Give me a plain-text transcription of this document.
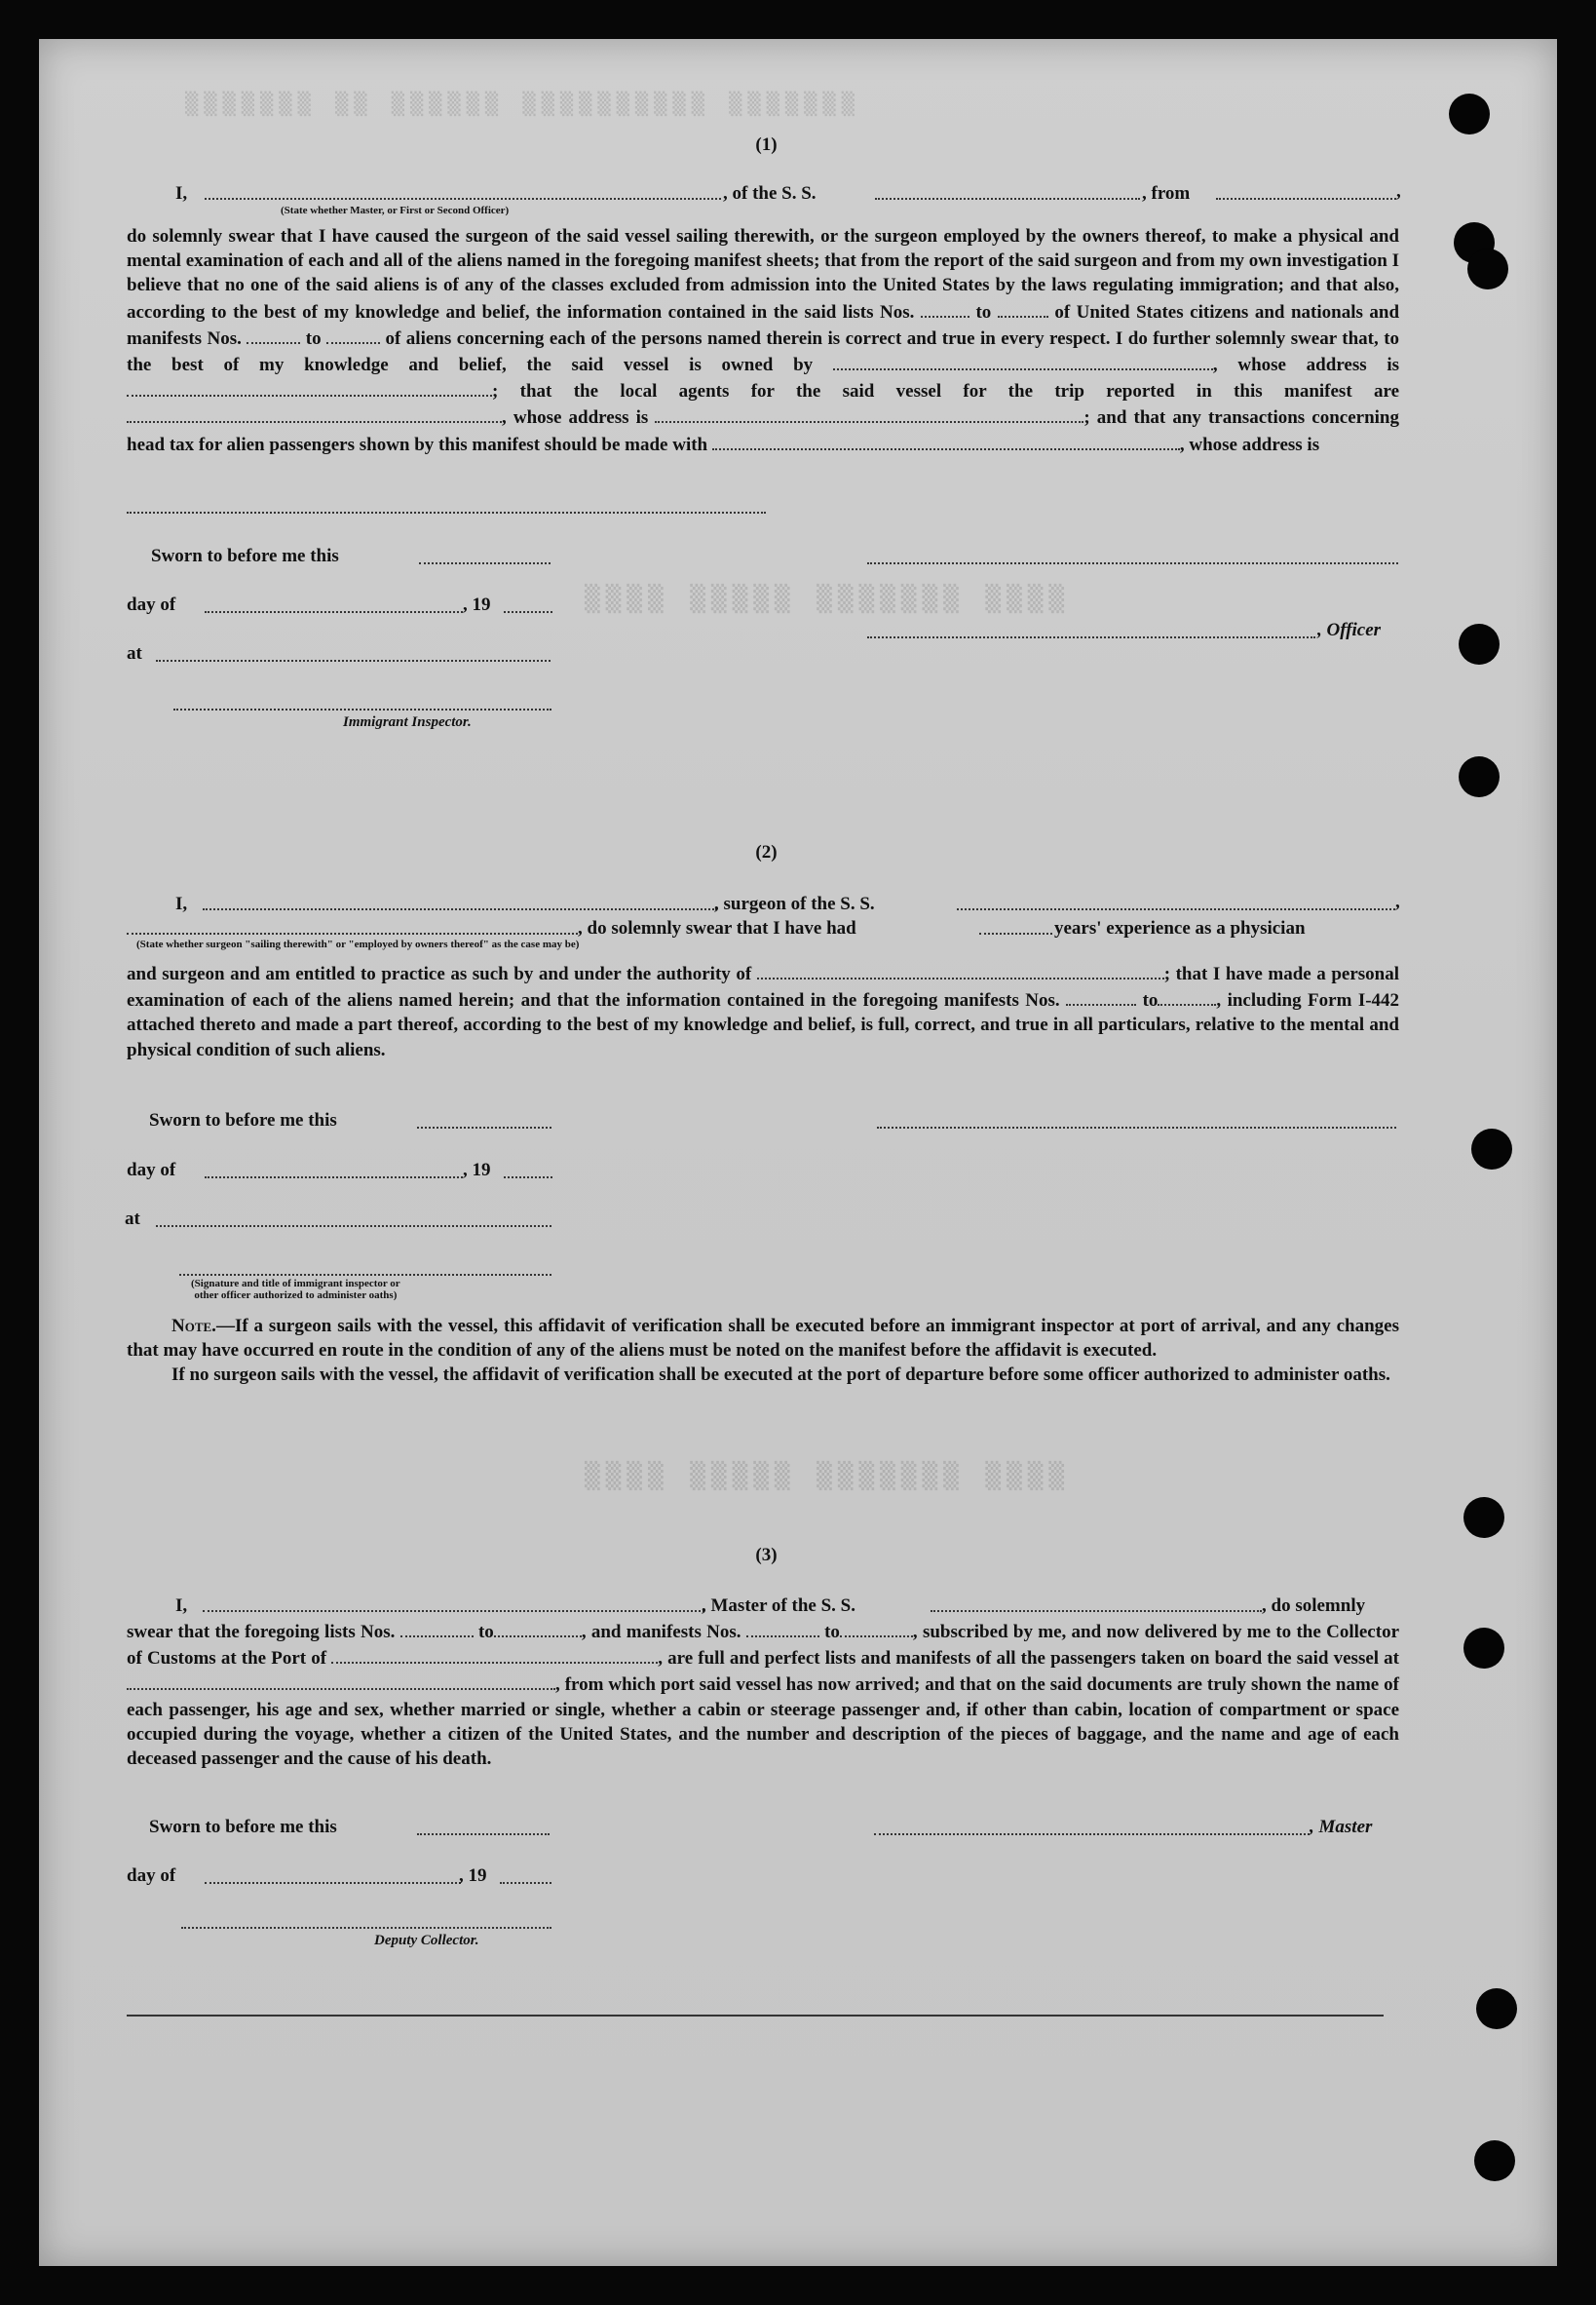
▒▒▒▒▒▒▒ ▒▒ ▒▒▒▒▒▒ ▒▒▒▒▒▒▒▒▒▒ ▒▒▒▒▒▒▒
▒▒▒▒ ▒▒▒▒▒ ▒▒▒▒▒▒▒ ▒▒▒▒
▒▒▒▒ ▒▒▒▒▒ ▒▒▒▒▒▒▒ ▒▒▒▒
(1)
I,	, of the S. S.	, from	,
(State whether Master, or First or Second Officer)
do solemnly swear that I have caused the surgeon of the said vessel sailing therewith, or the surgeon employed by the owners thereof, to make a physical and mental examination of each and all of the aliens named in the foregoing manifest sheets; that from the report of the said surgeon and from my own investigation I believe that no one of the said aliens is of any of the classes excluded from admission into the United States by the laws regulating immigration; and that also, according to the best of my knowledge and belief, the information contained in the said lists Nos.	to	of United States citizens and nationals and manifests Nos.	to	of aliens concerning each of the persons named therein is correct and true in every respect. I do further solemnly swear that, to the best of my knowledge and belief, the said vessel is owned by	, whose address is ; that the local agents for the said vessel for the trip reported in this manifest are , whose address is	; and that any transactions concerning head tax for alien passengers shown by this manifest should be made with	, whose address is
Sworn to before me this
day of	, 19
, Officer
at
Immigrant Inspector.
(2)
I,	, surgeon of the S. S.	,
, do solemnly swear that I have had	years' experience as a physician
(State whether surgeon "sailing therewith" or "employed by owners thereof" as the case may be)
and surgeon and am entitled to practice as such by and under the authority of	; that I have made a personal examination of each of the aliens named herein; and that the information contained in the foregoing manifests Nos.	to	, including Form I-442 attached thereto and made a part thereof, according to the best of my knowledge and belief, is full, correct, and true in all particulars, relative to the mental and physical condition of such aliens.
Sworn to before me this
day of	, 19
at
(Signature and title of immigrant inspector or
other officer authorized to administer oaths)
Note.—If a surgeon sails with the vessel, this affidavit of verification shall be executed before an immigrant inspector at port of arrival, and any changes that may have occurred en route in the condition of any of the aliens must be noted on the manifest before the affidavit is executed.
If no surgeon sails with the vessel, the affidavit of verification shall be executed at the port of departure before some officer authorized to administer oaths.
(3)
I,	, Master of the S. S.	, do solemnly
swear that the foregoing lists Nos.	to	, and manifests Nos.	to	, subscribed by me, and now delivered by me to the Collector of Customs at the Port of	, are full and perfect lists and manifests of all the passengers taken on board the said vessel at , from which port said vessel has now arrived; and that on the said documents are truly shown the name of each passenger, his age and sex, whether married or single, whether a cabin or steerage passenger and, if other than cabin, location of compartment or space occupied during the voyage, whether a citizen of the United States, and the number and description of the pieces of baggage, and the name and age of each deceased passenger and the cause of his death.
Sworn to before me this	, Master
day of	, 19
Deputy Collector.
